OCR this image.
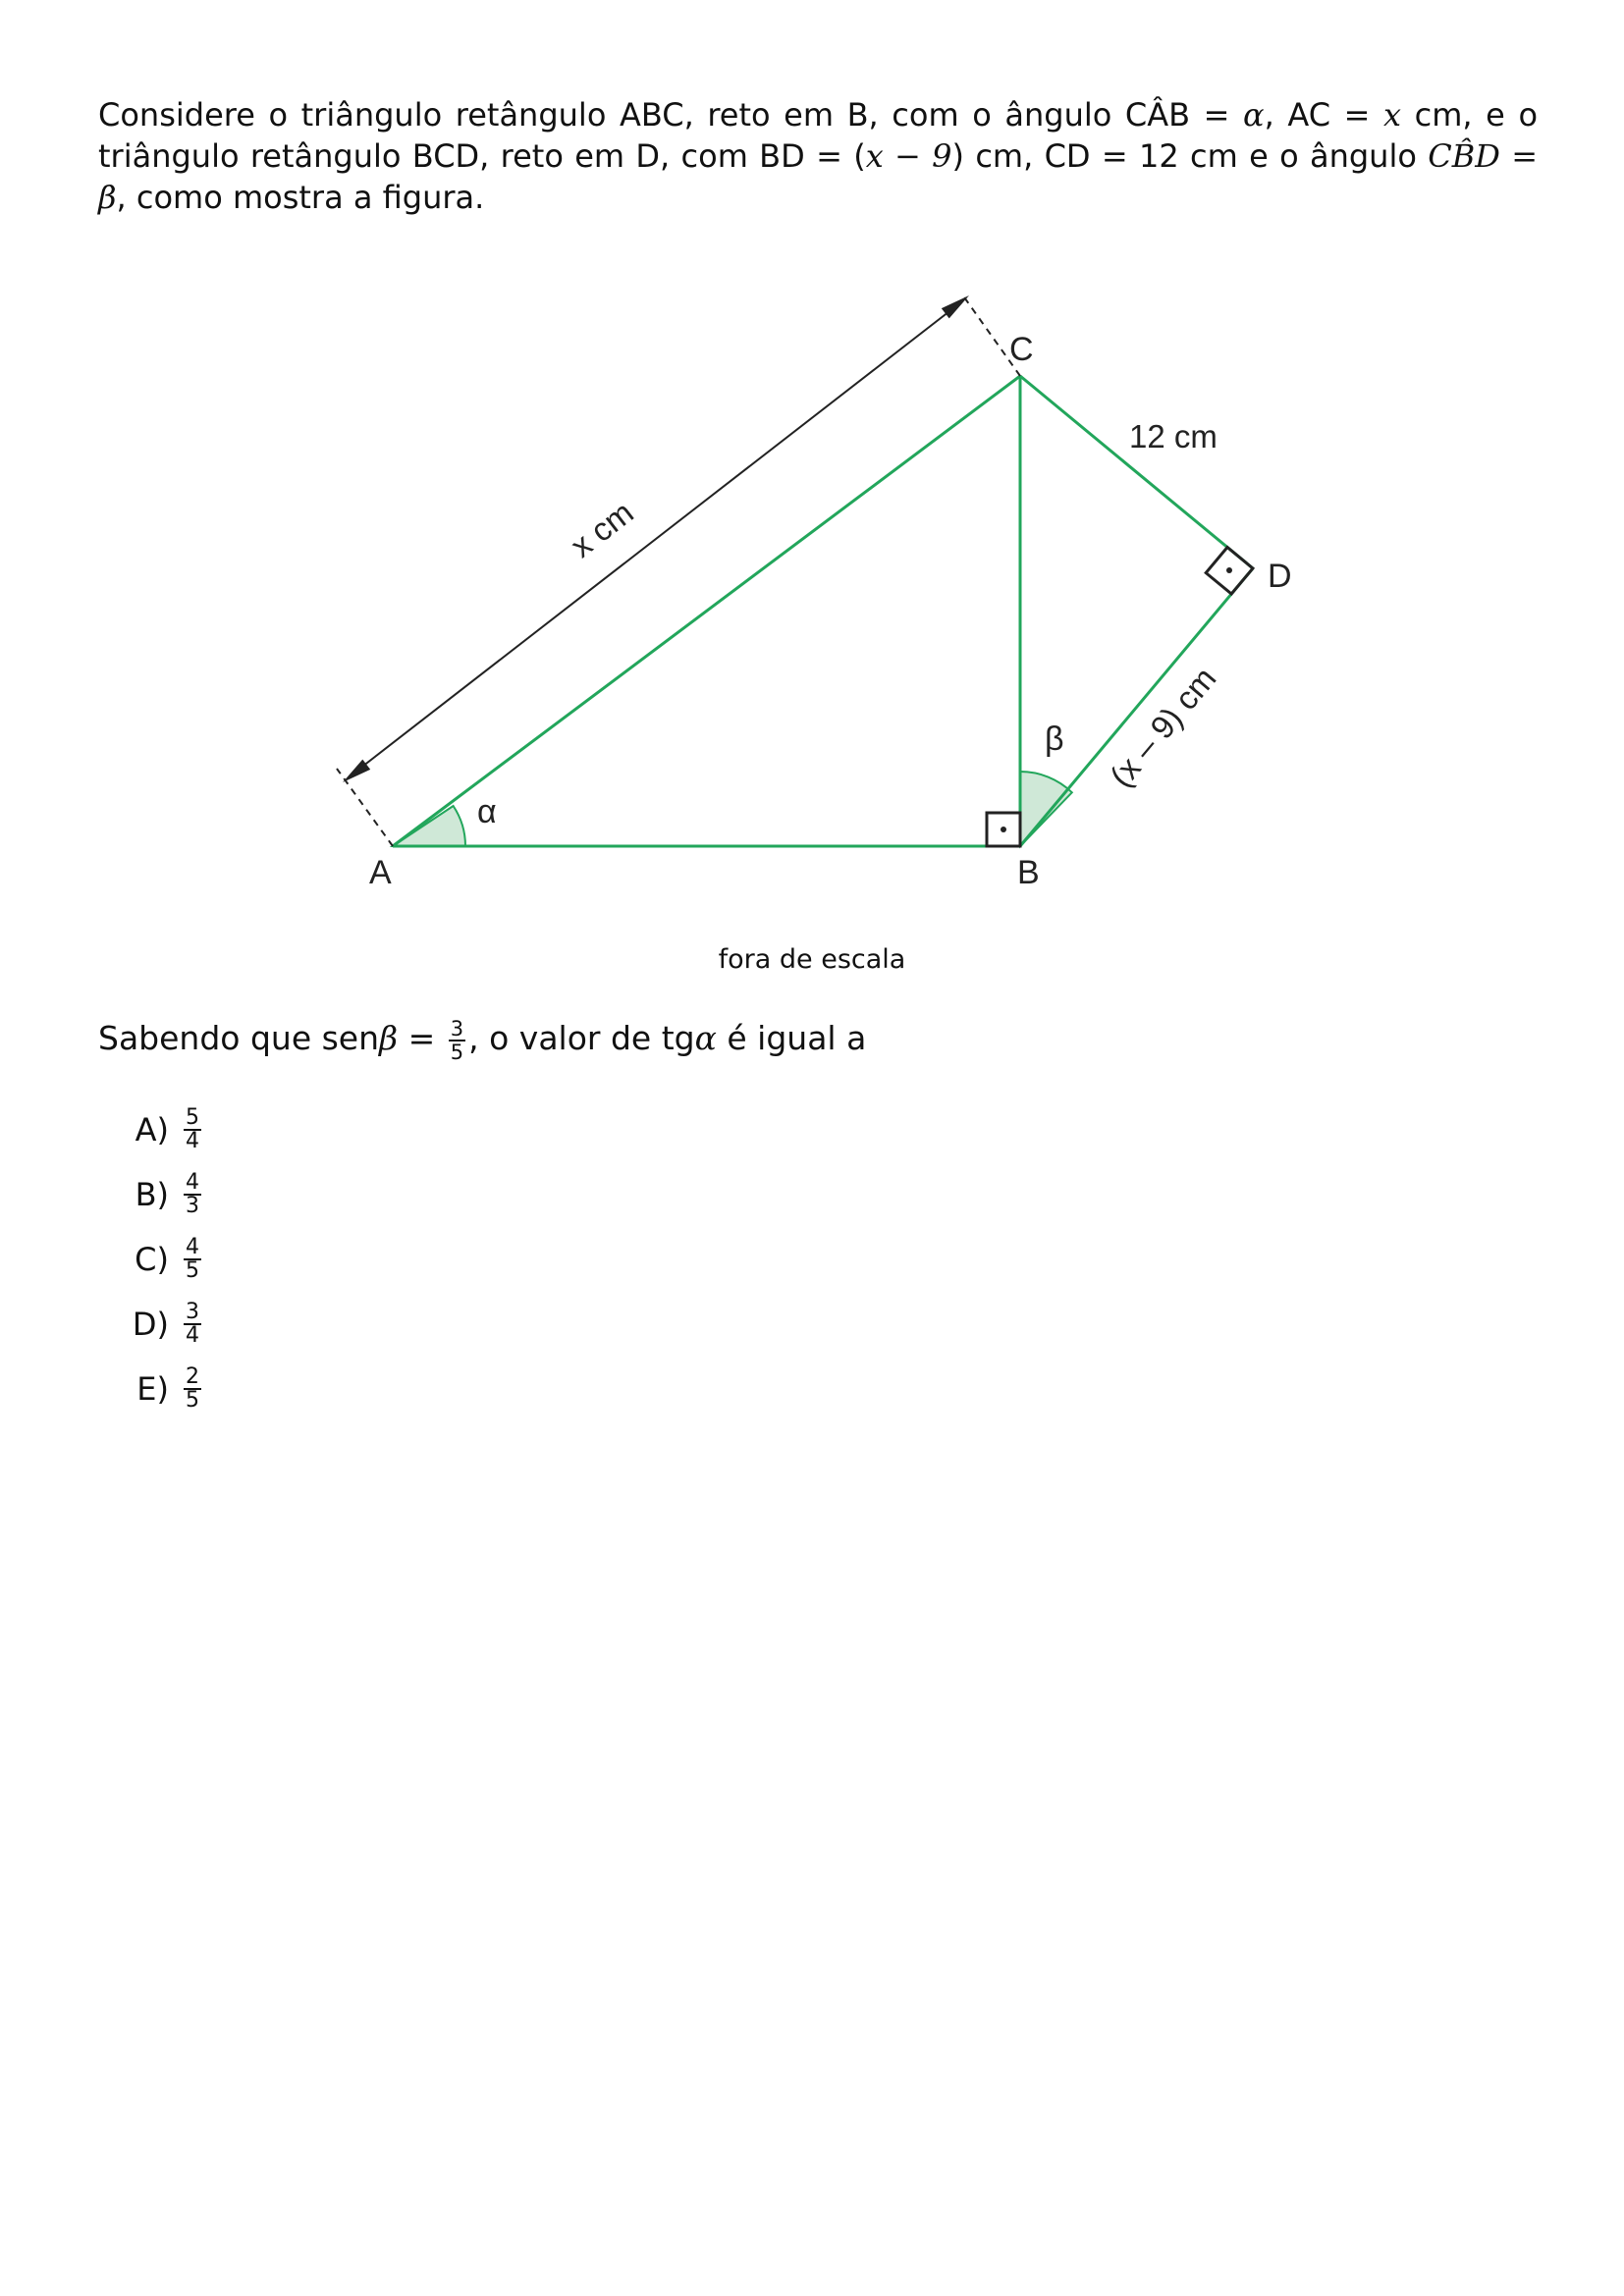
Considere o triângulo retângulo ABC, reto em B, com o ângulo CÂB = α, AC = x cm, e o triângulo retângulo BCD, reto em D, com BD = (x − 9) cm, CD = 12 cm e o ângulo CB̂D = β, como mostra a figura.

A	B
C
D
12 cm
x cm
(x – 9) cm
α
β
fora de escala
Sabendo que $sen\beta = \frac{3}{5}$ , o valor de tgα é igual a
$A) \frac{5}{4}$
$B) \frac{4}{3}$
$C) \frac{4}{5}$
$D) \frac{3}{4}$
$E) \frac{2}{5}$
